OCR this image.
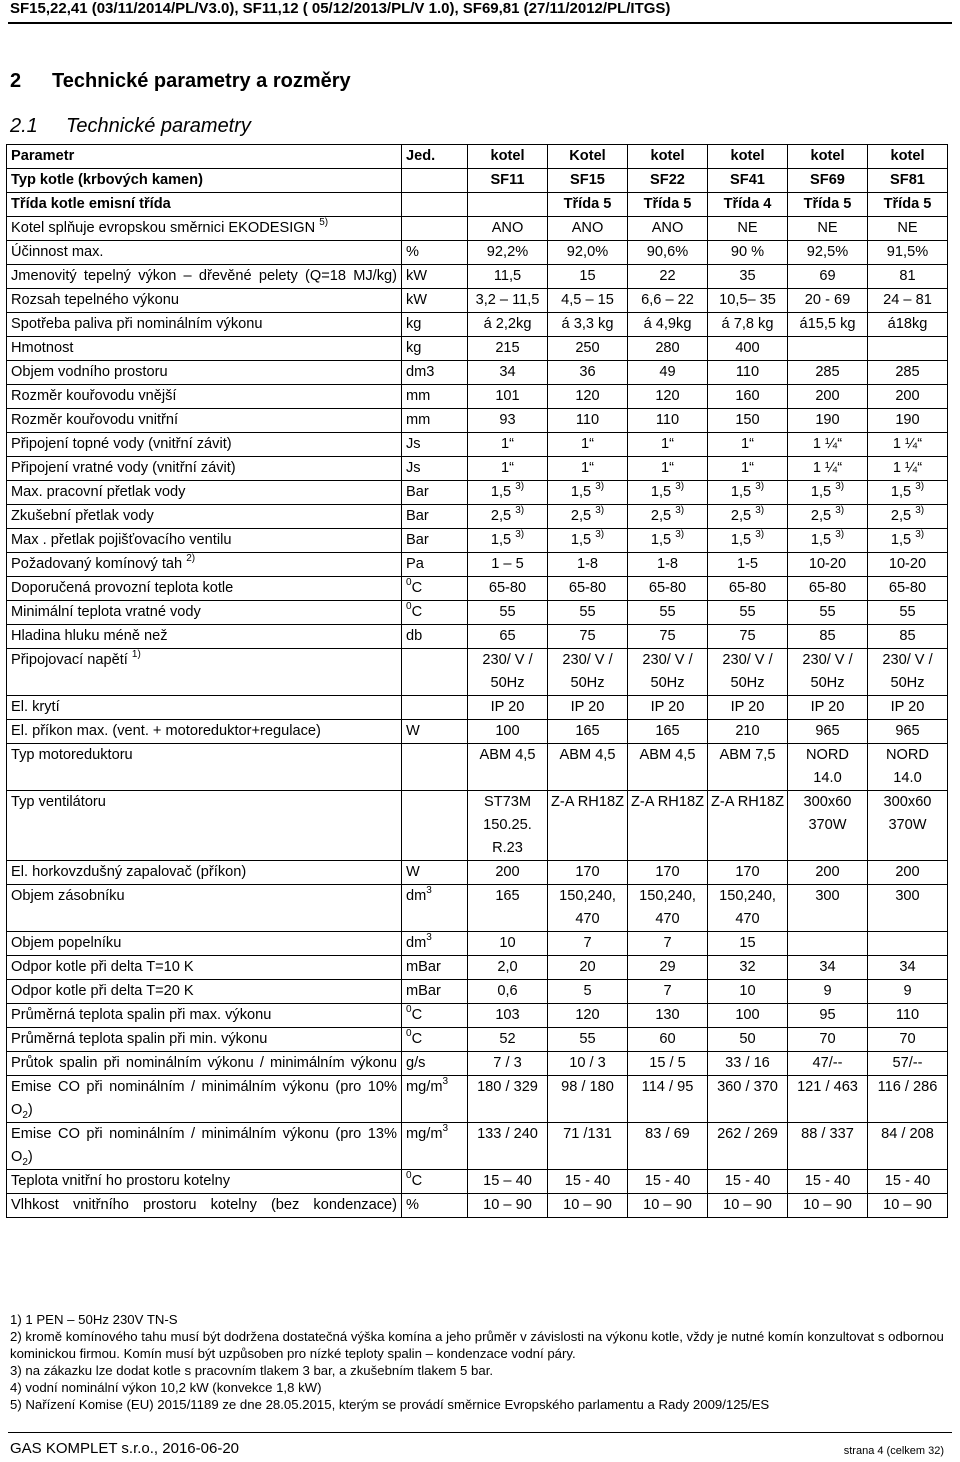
SF15,22,41 (03/11/2014/PL/V3.0), SF11,12 ( 05/12/2013/PL/V 1.0), SF69,81 (27/11/2012/PL/ITGS)
2 Technické parametry a rozměry
2.1 Technické parametry
Parametr	Jed.	kotel	Kotel	kotel	kotel	kotel	kotel
Typ kotle (krbových kamen)		SF11	SF15	SF22	SF41	SF69	SF81
Třída kotle emisní třída			Třída 5	Třída 5	Třída 4	Třída 5	Třída 5
Kotel splňuje evropskou směrnici EKODESIGN $^{5)}$		ANO	ANO	ANO	NE	NE	NE
Účinnost max.	%	92,2%	92,0%	90,6%	90 %	92,5%	91,5%
Jmenovitý tepelný výkon – dřevěné pelety (Q=18 MJ/kg)	kW	11,5	15	22	35	69	81
Rozsah tepelného výkonu	kW	3,2 – 11,5	4,5 – 15	6,6 – 22	10,5– 35	20 - 69	24 – 81
Spotřeba paliva při nominálním výkonu	kg	á 2,2kg	á 3,3 kg	á 4,9kg	á 7,8 kg	á15,5 kg	á18kg
Hmotnost	kg	215	250	280	400		
Objem vodního prostoru	dm3	34	36	49	110	285	285
Rozměr kouřovodu vnější	mm	101	120	120	160	200	200
Rozměr kouřovodu vnitřní	mm	93	110	110	150	190	190
Připojení topné vody (vnitřní závit)	Js	1“	1“	1“	1“	1 ¼“	1 ¼“
Připojení vratné vody (vnitřní závit)	Js	1“	1“	1“	1“	1 ¼“	1 ¼“
Max. pracovní přetlak vody	Bar	1,5 $^{3)}$	1,5 $^{3)}$	1,5 $^{3)}$	1,5 $^{3)}$	1,5 $^{3)}$	1,5 $^{3)}$
Zkušební přetlak vody	Bar	2,5 $^{3)}$	2,5 $^{3)}$	2,5 $^{3)}$	2,5 $^{3)}$	2,5 $^{3)}$	2,5 $^{3)}$
Max . přetlak pojišťovacího ventilu	Bar	1,5 $^{3)}$	1,5 $^{3)}$	1,5 $^{3)}$	1,5 $^{3)}$	1,5 $^{3)}$	1,5 $^{3)}$
Požadovaný komínový tah $^{2)}$	Pa	1 – 5	1-8	1-8	1-5	10-20	10-20
Doporučená provozní teplota kotle	$^0$C	65-80	65-80	65-80	65-80	65-80	65-80
Minimální teplota vratné vody	$^0$C	55	55	55	55	55	55
Hladina hluku méně než	db	65	75	75	75	85	85
Připojovací napětí $^{1)}$		230/ V / 50Hz	230/ V / 50Hz	230/ V / 50Hz	230/ V / 50Hz	230/ V / 50Hz	230/ V / 50Hz
El. krytí		IP 20	IP 20	IP 20	IP 20	IP 20	IP 20
El. příkon max. (vent. + motoreduktor+regulace)	W	100	165	165	210	965	965
Typ motoreduktoru		ABM 4,5	ABM 4,5	ABM 4,5	ABM 7,5	NORD 14.0	NORD 14.0
Typ ventilátoru		ST73M 150.25. R.23	Z-A RH18Z	Z-A RH18Z	Z-A RH18Z	300x60 370W	300x60 370W
El. horkovzdušný zapalovač (příkon)	W	200	170	170	170	200	200
Objem zásobníku	$dm^3$	165	150,240, 470	150,240, 470	150,240, 470	300	300
Objem popelníku	$dm^3$	10	7	7	15		
Odpor kotle při delta T=10 K	mBar	2,0	20	29	32	34	34
Odpor kotle při delta T=20 K	mBar	0,6	5	7	10	9	9
Průměrná teplota spalin při max. výkonu	$^0$C	103	120	130	100	95	110
Průměrná teplota spalin při min. výkonu	$^0$C	52	55	60	50	70	70
Průtok spalin při nominálním výkonu / minimálním výkonu	g/s	7 / 3	10 / 3	15 / 5	33 / 16	47/--	57/--
Emise CO při nominálním / minimálním výkonu (pro 10% $O_2$)	$mg/m^3$	180 / 329	98 / 180	114 / 95	360 / 370	121 / 463	116 / 286
Emise CO při nominálním / minimálním výkonu (pro 13% $O_2$)	$mg/m^3$	133 / 240	71 /131	83 / 69	262 / 269	88 / 337	84 / 208
Teplota vnitřní ho prostoru kotelny	$^0$C	15 – 40	15 - 40	15 - 40	15 - 40	15 - 40	15 - 40
Vlhkost vnitřního prostoru kotelny (bez kondenzace)	%	10 – 90	10 – 90	10 – 90	10 – 90	10 – 90	10 – 90
1) 1 PEN – 50Hz 230V TN-S
2) kromě komínového tahu musí být dodržena dostatečná výška komína a jeho průměr v závislosti na výkonu kotle, vždy je nutné komín konzultovat s odbornou kominickou firmou. Komín musí být uzpůsoben pro nízké teploty spalin – kondenzace vodní páry.
3) na zákazku lze dodat kotle s pracovním tlakem 3 bar, a zkušebním tlakem 5 bar.
4) vodní nominální výkon 10,2 kW (konvekce 1,8 kW)
5) Nařízení Komise (EU) 2015/1189 ze dne 28.05.2015, kterým se provádí směrnice Evropského parlamentu a Rady 2009/125/ES
GAS KOMPLET s.r.o., 2016-06-20	strana 4 (celkem 32)
